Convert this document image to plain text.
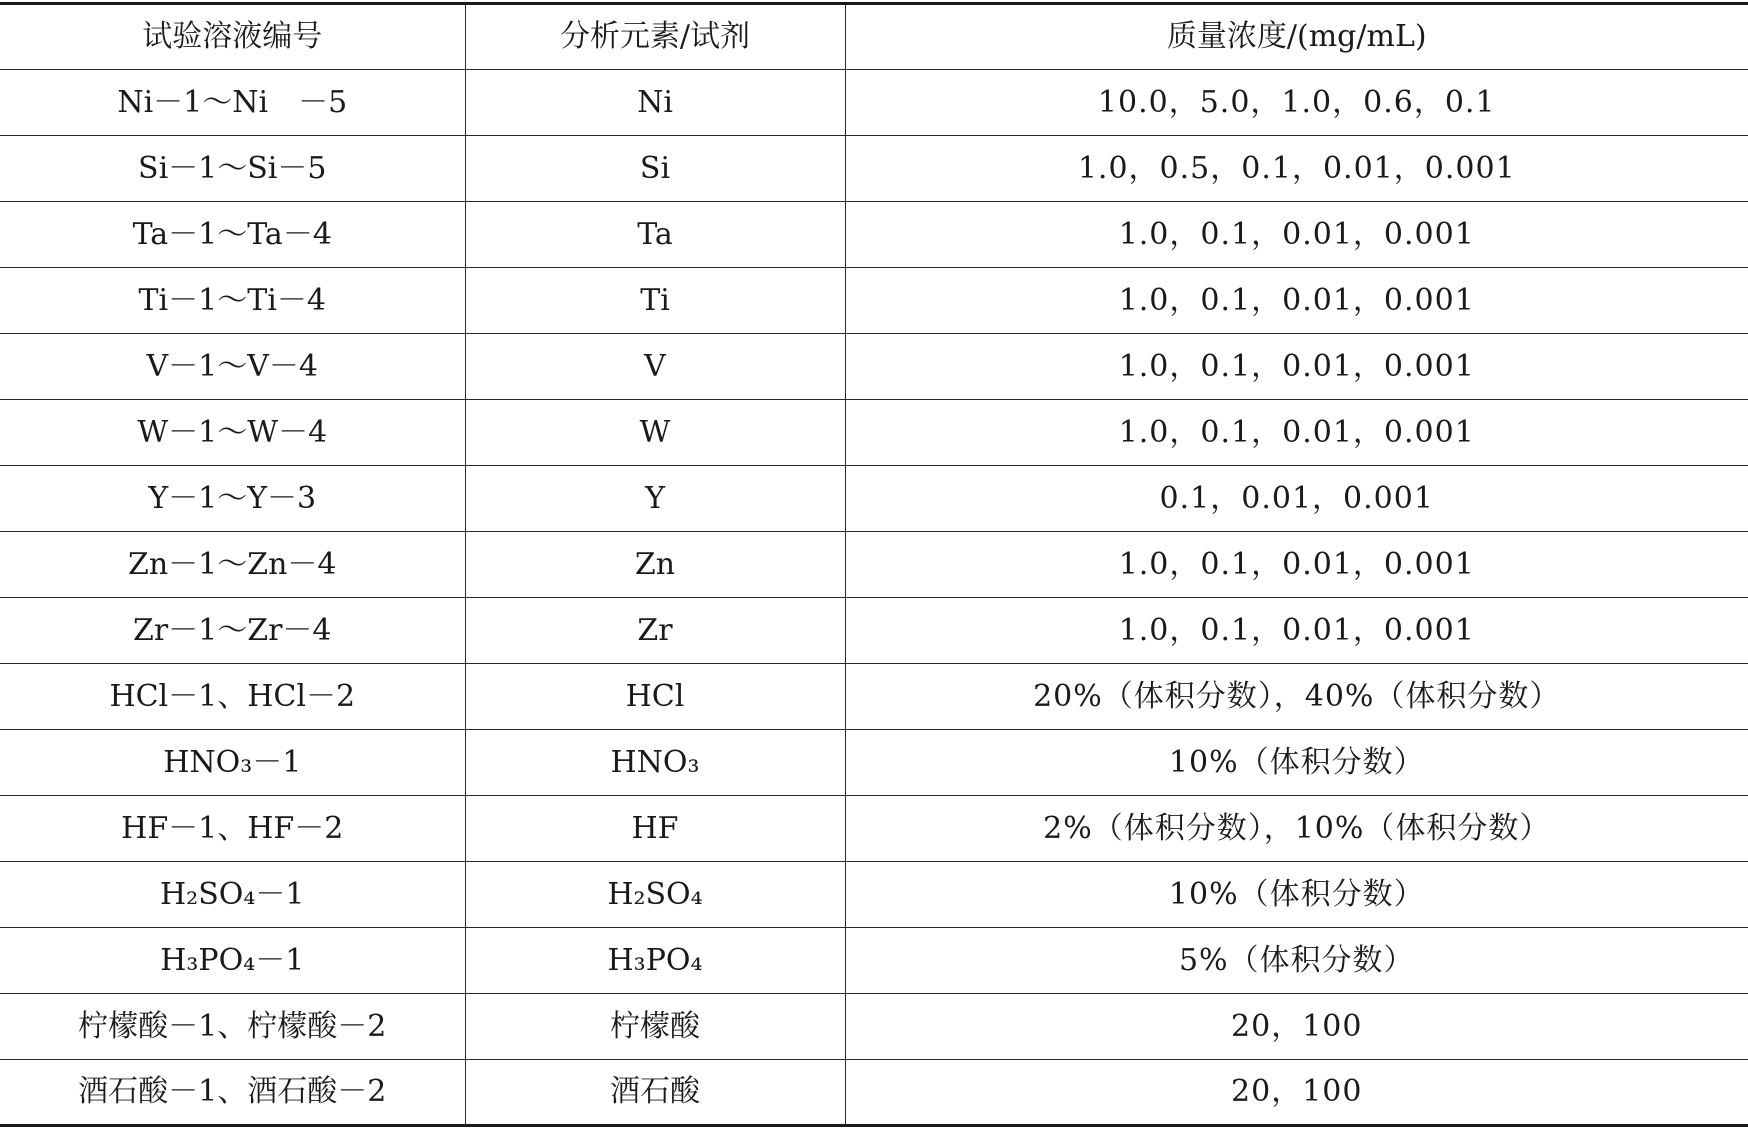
试验溶液编号	分析元素/试剂	质量浓度/(mg/mL)
Ni－1～Ni　－5	Ni	10.0，5.0，1.0，0.6，0.1
Si－1～Si－5	Si	1.0，0.5，0.1，0.01，0.001
Ta－1～Ta－4	Ta	1.0，0.1，0.01，0.001
Ti－1～Ti－4	Ti	1.0，0.1，0.01，0.001
V－1～V－4	V	1.0，0.1，0.01，0.001
W－1～W－4	W	1.0，0.1，0.01，0.001
Y－1～Y－3	Y	0.1，0.01，0.001
Zn－1～Zn－4	Zn	1.0，0.1，0.01，0.001
Zr－1～Zr－4	Zr	1.0，0.1，0.01，0.001
HCl－1、HCl－2	HCl	20%（体积分数），40%（体积分数）
HNO₃－1	HNO₃	10%（体积分数）
HF－1、HF－2	HF	2%（体积分数），10%（体积分数）
H₂SO₄－1	H₂SO₄	10%（体积分数）
H₃PO₄－1	H₃PO₄	5%（体积分数）
柠檬酸－1、柠檬酸－2	柠檬酸	20，100
酒石酸－1、酒石酸－2	酒石酸	20，100
